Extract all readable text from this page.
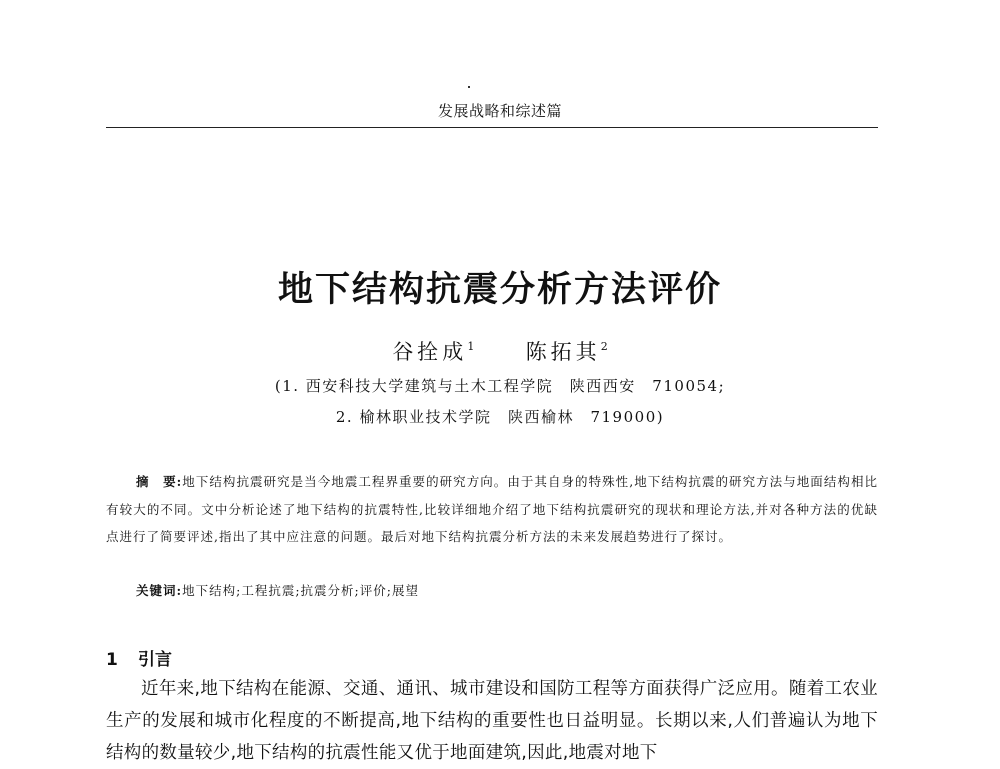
发展战略和综述篇
地下结构抗震分析方法评价
谷拴成$^1$ 陈拓其$^2$
(1. 西安科技大学建筑与土木工程学院　陕西西安　710054;
2. 榆林职业技术学院　陕西榆林　719000)
摘　要:地下结构抗震研究是当今地震工程界重要的研究方向。由于其自身的特殊性,地下结构抗震的研究方法与地面结构相比有较大的不同。文中分析论述了地下结构的抗震特性,比较详细地介绍了地下结构抗震研究的现状和理论方法,并对各种方法的优缺点进行了简要评述,指出了其中应注意的问题。最后对地下结构抗震分析方法的未来发展趋势进行了探讨。
关键词:地下结构;工程抗震;抗震分析;评价;展望
1 引言
近年来,地下结构在能源、交通、通讯、城市建设和国防工程等方面获得广泛应用。随着工农业生产的发展和城市化程度的不断提高,地下结构的重要性也日益明显。长期以来,人们普遍认为地下结构的数量较少,地下结构的抗震性能又优于地面建筑,因此,地震对地下
